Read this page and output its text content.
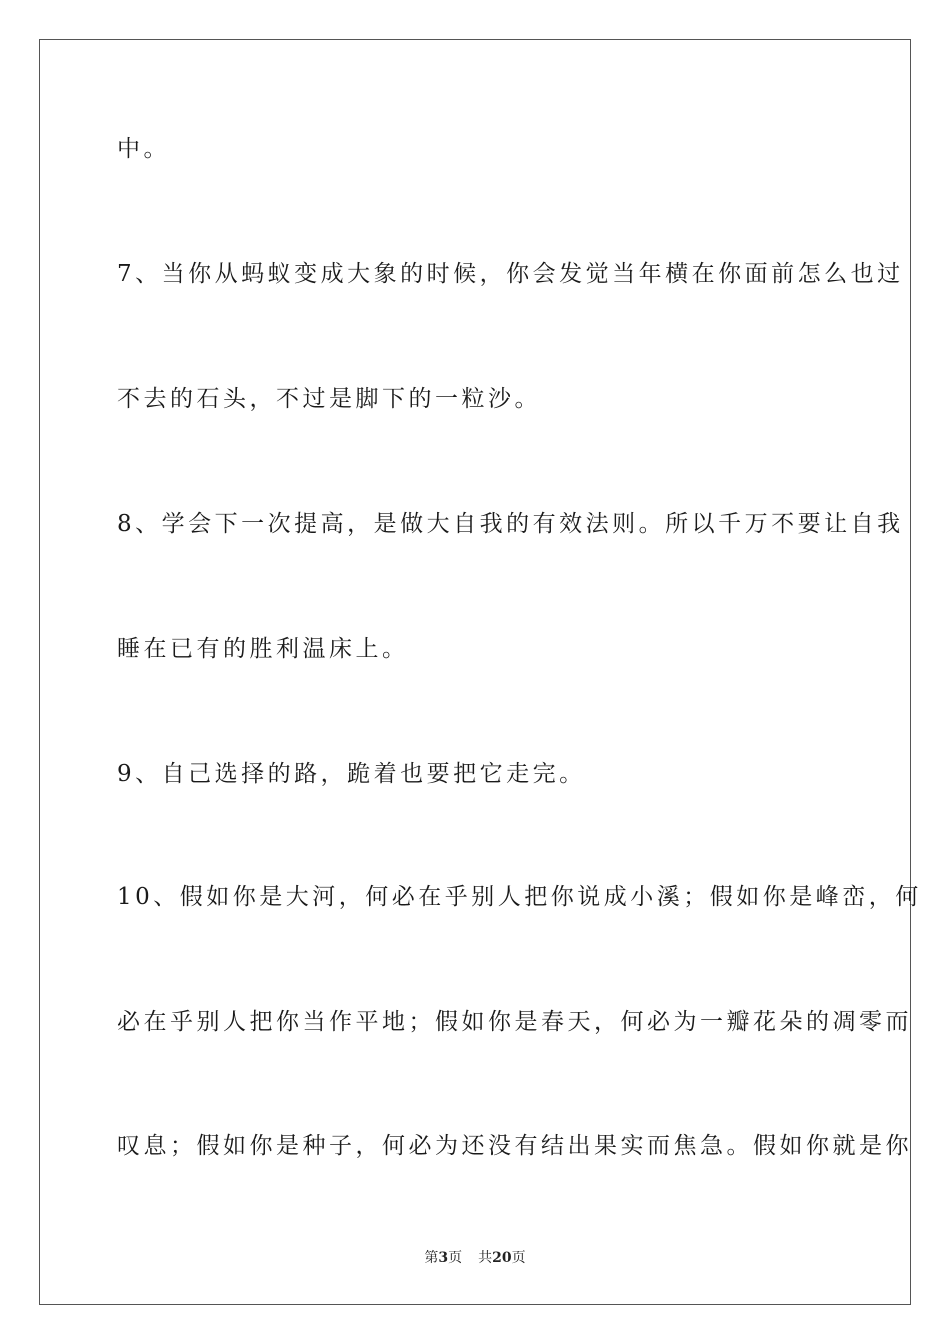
中。
7、当你从蚂蚁变成大象的时候，你会发觉当年横在你面前怎么也过
不去的石头，不过是脚下的一粒沙。
8、学会下一次提高，是做大自我的有效法则。所以千万不要让自我
睡在已有的胜利温床上。
9、自己选择的路，跪着也要把它走完。
10、假如你是大河，何必在乎别人把你说成小溪；假如你是峰峦，何
必在乎别人把你当作平地；假如你是春天，何必为一瓣花朵的凋零而
叹息；假如你是种子，何必为还没有结出果实而焦急。假如你就是你
第3页 共20页
